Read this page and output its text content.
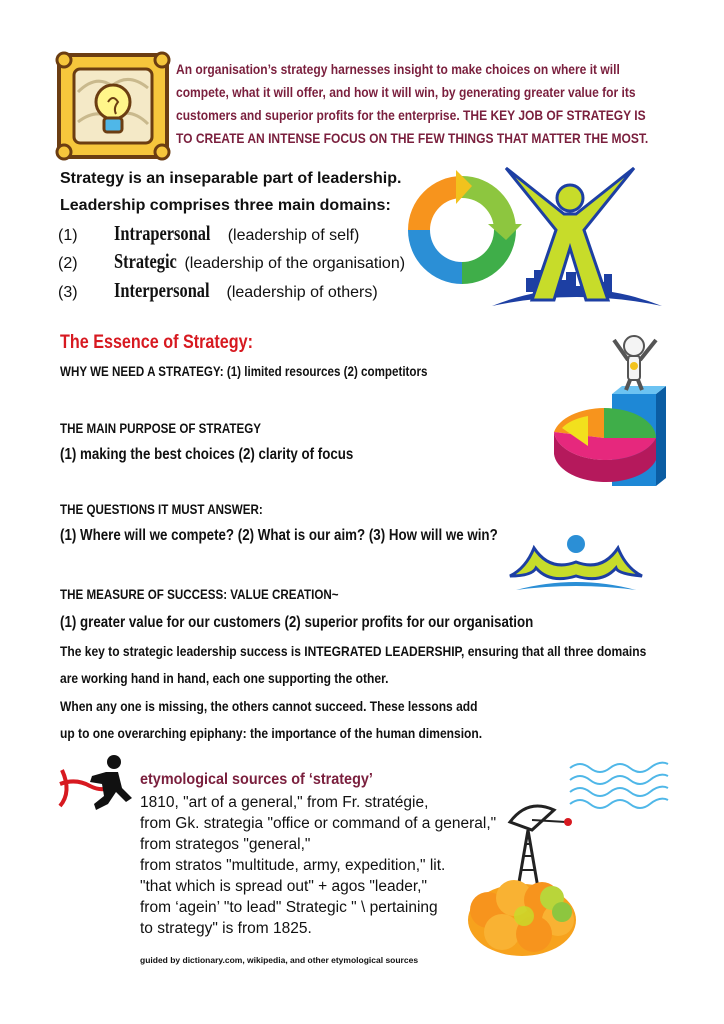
An organisation’s strategy harnesses insight to make choices on where it will compete, what it will offer, and how it will win, by generating greater value for its customers and superior profits for the enterprise. THE KEY JOB OF STRATEGY IS TO CREATE AN INTENSE FOCUS ON THE FEW THINGS THAT MATTER THE MOST.
Strategy is an inseparable part of leadership.
Leadership comprises three main domains:
(1)	Intrapersonal (leadership of self)
(2)	Strategic (leadership of the organisation)
(3)	Interpersonal (leadership of others)
The Essence of Strategy:
WHY WE NEED A STRATEGY: (1) limited resources (2) competitors
THE MAIN PURPOSE OF STRATEGY
(1) making the best choices (2) clarity of focus
THE QUESTIONS IT MUST ANSWER:
(1) Where will we compete? (2) What is our aim? (3) How will we win?
THE MEASURE OF SUCCESS: VALUE CREATION~
(1) greater value for our customers (2) superior profits for our organisation
The key to strategic leadership success is INTEGRATED LEADERSHIP, ensuring that all three domains
are working hand in hand, each one supporting the other.
When any one is missing, the others cannot succeed. These lessons add
up to one overarching epiphany: the importance of the human dimension.
etymological sources of ‘strategy’
1810, "art of a general," from Fr. stratégie,
from Gk. strategia "office or command of a general,"
from strategos "general,"
from stratos "multitude, army, expedition," lit.
"that which is spread out" + agos "leader,"
from ‘agein’ "to lead" Strategic " \ pertaining
to strategy" is from 1825.
guided by dictionary.com, wikipedia, and other etymological sources
